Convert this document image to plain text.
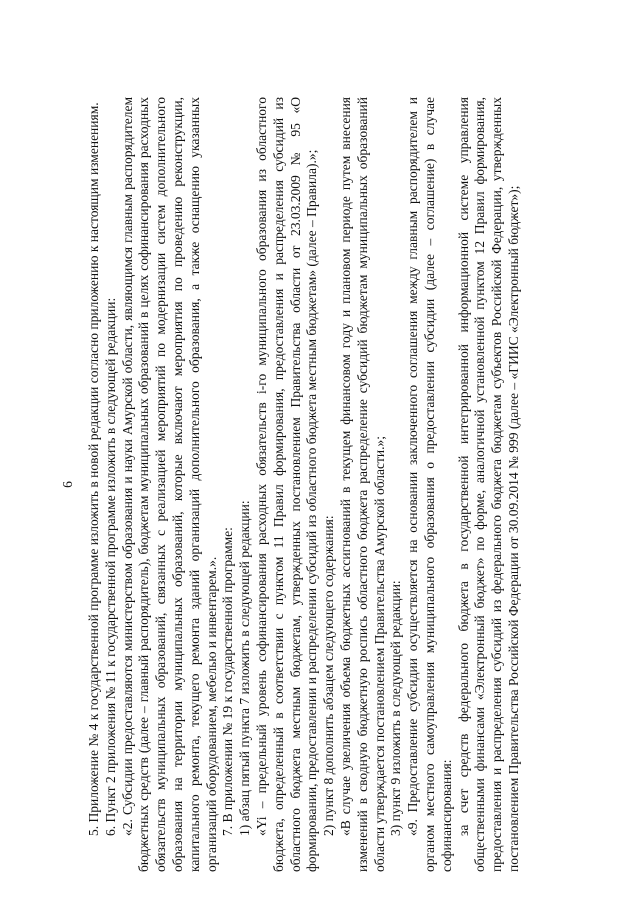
6 5. Приложение № 4 к государственной программе изложить в новой редакции согласно приложению к настоящим изменениям. 6. Пункт 2 приложения № 11 к государственной программе изложить в следующей редакции: «2. Субсидии предоставляются министерством образования и науки Амурской области, являющимся главным распорядителем бюджетных средств (далее – главный распорядитель), бюджетам муниципальных образований в целях софинансирования расходных обязательств муниципальных образований, связанных с реализацией мероприятий по модернизации систем дополнительного образования на территории муниципальных образований, которые включают мероприятия по проведению реконструкции, капитального ремонта, текущего ремонта зданий организаций дополнительного образования, а также оснащению указанных организаций оборудованием, мебелью и инвентарем.». 7. В приложении № 19 к государственной программе: 1) абзац пятый пункта 7 изложить в следующей редакции: «Yi – предельный уровень софинансирования расходных обязательств i-го муниципального образования из областного бюджета, определенный в соответствии с пунктом 11 Правил формирования, предоставления и распределения субсидий из областного бюджета местным бюджетам, утвержденных постановлением Правительства области от 23.03.2009 № 95 «О формировании, предоставлении и распределении субсидий из областного бюджета местным бюджетам» (далее – Правила).»; 2) пункт 8 дополнить абзацем следующего содержания: «В случае увеличения объема бюджетных ассигнований в текущем финансовом году и плановом периоде путем внесения изменений в сводную бюджетную роспись областного бюджета распределение субсидий бюджетам муниципальных образований области утверждается постановлением Правительства Амурской области.»; 3) пункт 9 изложить в следующей редакции: «9. Предоставление субсидии осуществляется на основании заключенного соглашения между главным распорядителем и органом местного самоуправления муниципального образования о предоставлении субсидии (далее – соглашение) в случае софинансирования: за счет средств федерального бюджета в государственной интегрированной информационной системе управления общественными финансами «Электронный бюджет» по форме, аналогичной установленной пунктом 12 Правил формирования, предоставления и распределения субсидий из федерального бюджета бюджетам субъектов Российской Федерации, утвержденных постановлением Правительства Российской Федерации от 30.09.2014 № 999 (далее – «ГИИС «Электронный бюджет»);
